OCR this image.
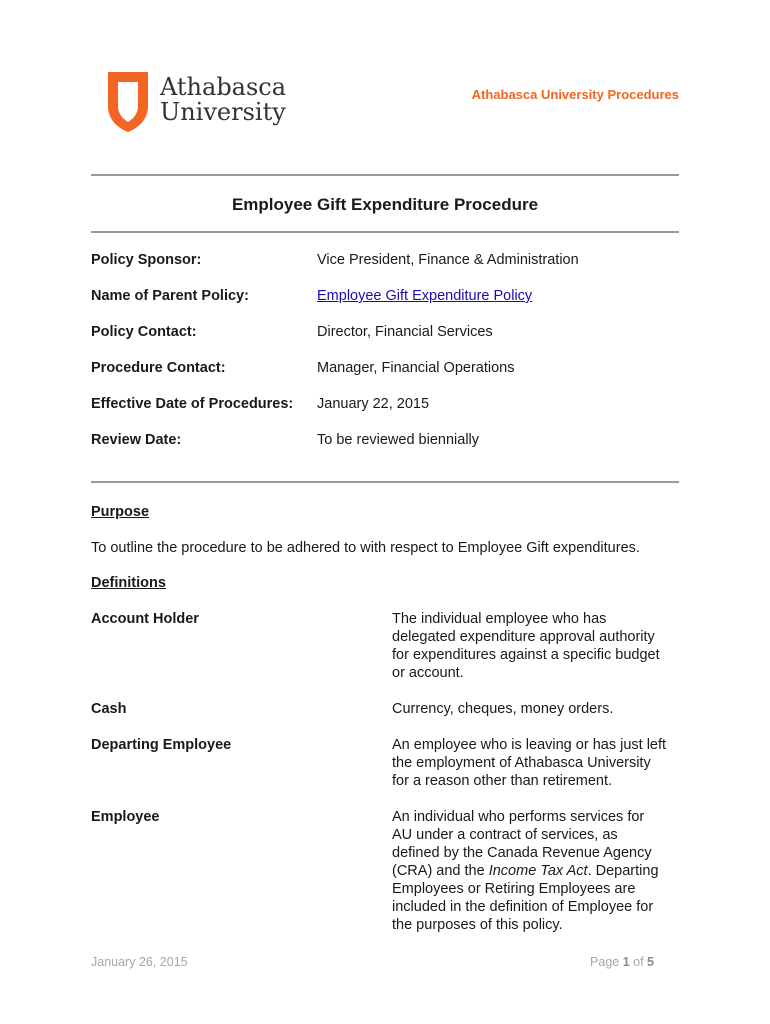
Athabasca
University
Athabasca University Procedures
Employee Gift Expenditure Procedure
Policy Sponsor:	Vice President, Finance & Administration
Name of Parent Policy:	Employee Gift Expenditure Policy
Policy Contact:	Director, Financial Services
Procedure Contact:	Manager, Financial Operations
Effective Date of Procedures: January 22, 2015
Review Date:	To be reviewed biennially
Purpose
To outline the procedure to be adhered to with respect to Employee Gift expenditures.
Definitions
Account Holder	The individual employee who has
delegated expenditure approval authority
for expenditures against a specific budget
or account.
Cash	Currency, cheques, money orders.
Departing Employee	An employee who is leaving or has just left
the employment of Athabasca University
for a reason other than retirement.
Employee	An individual who performs services for
AU under a contract of services, as
defined by the Canada Revenue Agency
(CRA) and the Income Tax Act. Departing
Employees or Retiring Employees are
included in the definition of Employee for
the purposes of this policy.
January 26, 2015	Page 1 of 5
